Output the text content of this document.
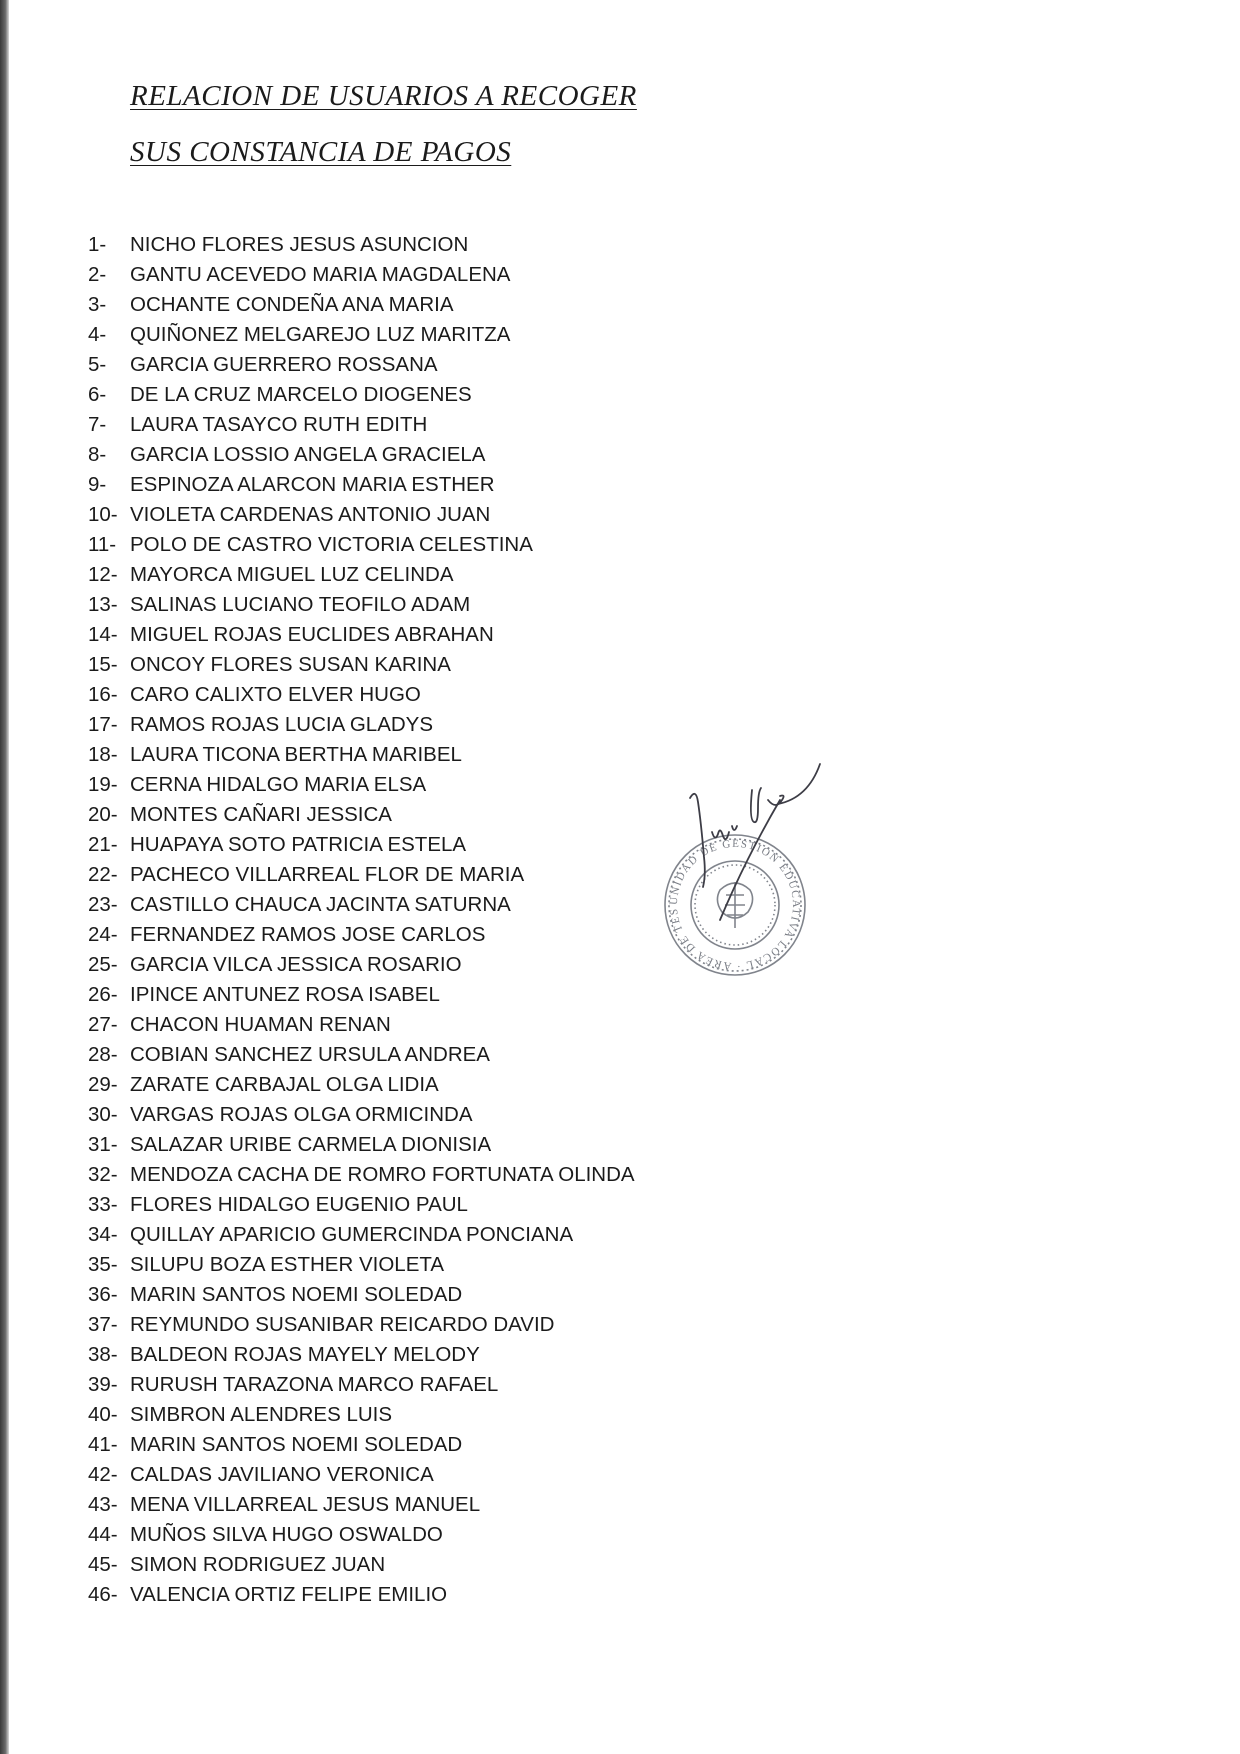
RELACION DE USUARIOS A RECOGER
SUS CONSTANCIA DE PAGOS
1-	NICHO FLORES JESUS ASUNCION
2-	GANTU ACEVEDO MARIA MAGDALENA
3-	OCHANTE CONDEÑA ANA MARIA
4-	QUIÑONEZ MELGAREJO LUZ MARITZA
5-	GARCIA GUERRERO ROSSANA
6-	DE LA CRUZ MARCELO DIOGENES
7-	LAURA TASAYCO RUTH EDITH
8-	GARCIA LOSSIO ANGELA GRACIELA
9-	ESPINOZA ALARCON MARIA ESTHER
10- VIOLETA CARDENAS ANTONIO JUAN
11- POLO DE CASTRO VICTORIA CELESTINA
12- MAYORCA MIGUEL LUZ CELINDA
13- SALINAS LUCIANO TEOFILO ADAM
14- MIGUEL ROJAS EUCLIDES ABRAHAN
15- ONCOY FLORES SUSAN KARINA
16- CARO CALIXTO ELVER HUGO
17- RAMOS ROJAS LUCIA GLADYS
18- LAURA TICONA BERTHA MARIBEL
19- CERNA HIDALGO MARIA ELSA
20- MONTES CAÑARI JESSICA
21- HUAPAYA SOTO PATRICIA ESTELA
22- PACHECO VILLARREAL FLOR DE MARIA
23- CASTILLO CHAUCA JACINTA SATURNA
24- FERNANDEZ RAMOS JOSE CARLOS
25- GARCIA VILCA JESSICA ROSARIO
26- IPINCE ANTUNEZ ROSA ISABEL
27- CHACON HUAMAN RENAN
28- COBIAN SANCHEZ URSULA ANDREA
29- ZARATE CARBAJAL OLGA LIDIA
30- VARGAS ROJAS OLGA ORMICINDA
31- SALAZAR URIBE CARMELA DIONISIA
32- MENDOZA CACHA DE ROMRO FORTUNATA OLINDA
33- FLORES HIDALGO EUGENIO PAUL
34- QUILLAY APARICIO GUMERCINDA PONCIANA
35- SILUPU BOZA ESTHER VIOLETA
36- MARIN SANTOS NOEMI SOLEDAD
37- REYMUNDO SUSANIBAR REICARDO DAVID
38- BALDEON ROJAS MAYELY MELODY
39- RURUSH TARAZONA MARCO RAFAEL
40- SIMBRON ALENDRES LUIS
41- MARIN SANTOS NOEMI SOLEDAD
42- CALDAS JAVILIANO VERONICA
43- MENA VILLARREAL JESUS MANUEL
44- MUÑOS SILVA HUGO OSWALDO
45- SIMON RODRIGUEZ JUAN
46- VALENCIA ORTIZ FELIPE EMILIO
UNIDAD DE GESTION EDUCATIVA LOCAL · AREA DE TES
